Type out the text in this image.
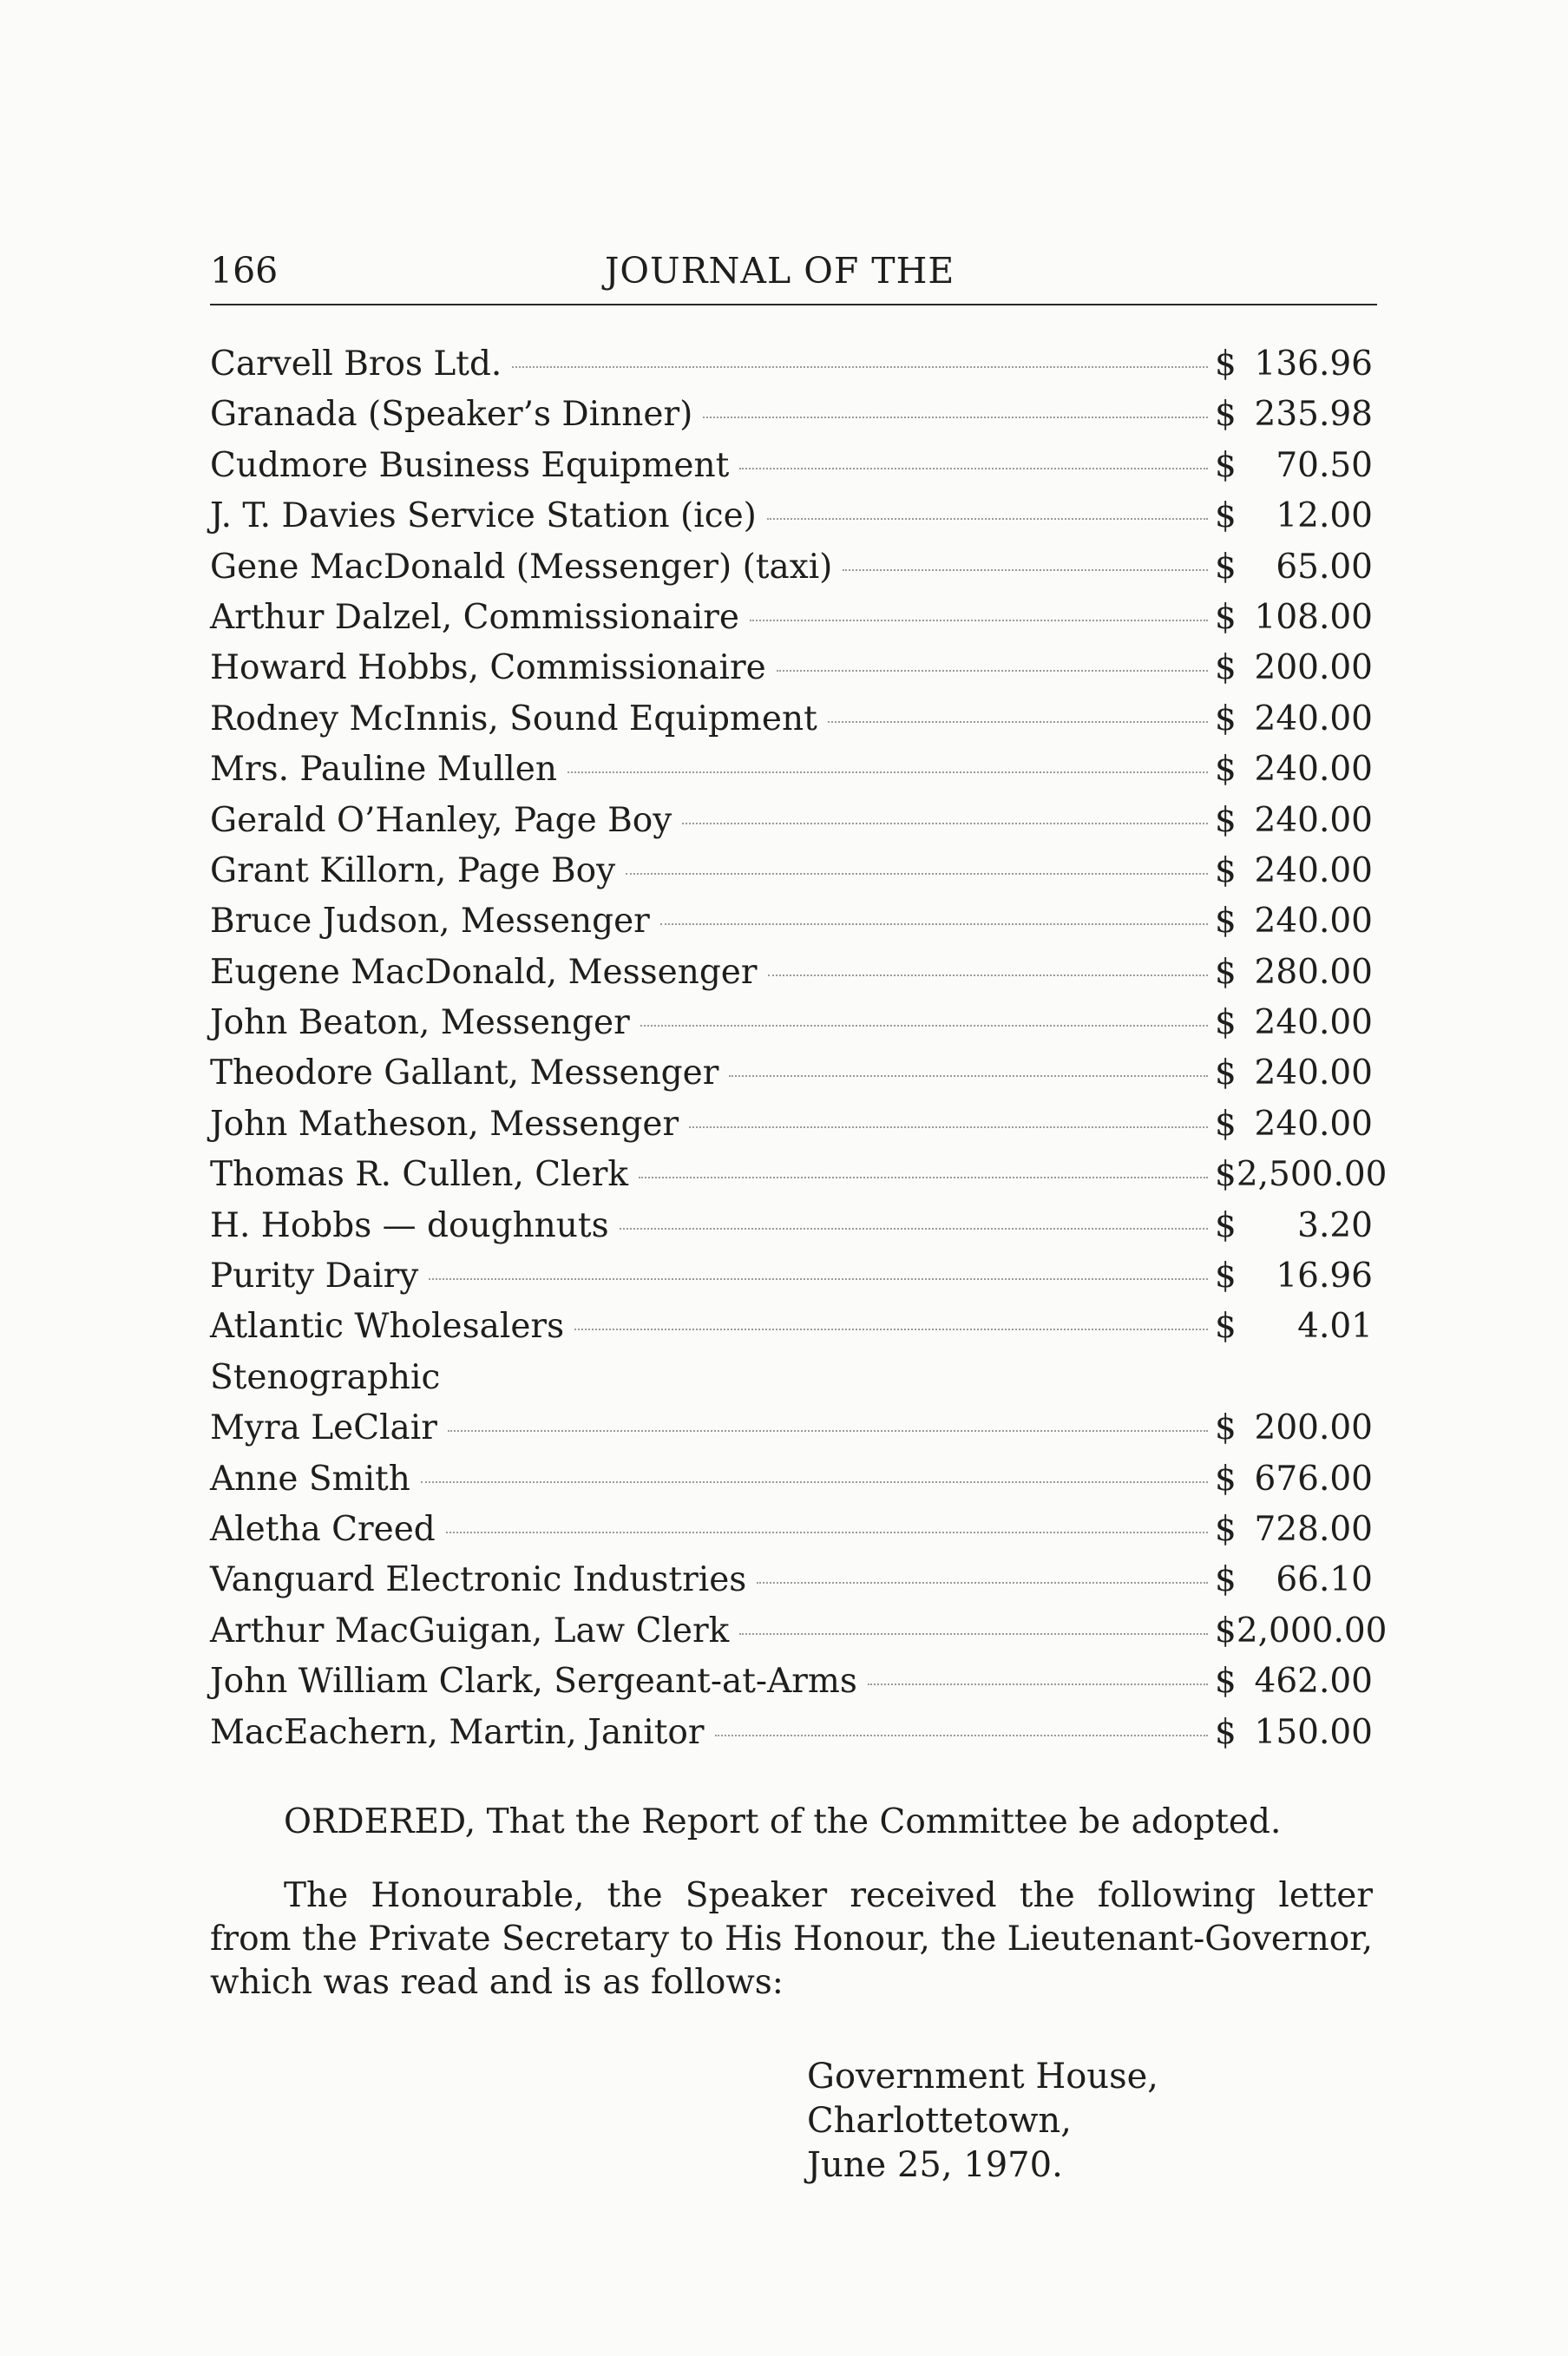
166	JOURNAL OF THE
Carvell Bros Ltd.	$ 136.96
Granada (Speaker’s Dinner)	$ 235.98
Cudmore Business Equipment	$ 70.50
J. T. Davies Service Station (ice)	$ 12.00
Gene MacDonald (Messenger) (taxi)	$ 65.00
Arthur Dalzel, Commissionaire	$ 108.00
Howard Hobbs, Commissionaire	$ 200.00
Rodney McInnis, Sound Equipment	$ 240.00
Mrs. Pauline Mullen	$ 240.00
Gerald O’Hanley, Page Boy	$ 240.00
Grant Killorn, Page Boy	$ 240.00
Bruce Judson, Messenger	$ 240.00
Eugene MacDonald, Messenger	$ 280.00
John Beaton, Messenger	$ 240.00
Theodore Gallant, Messenger	$ 240.00
John Matheson, Messenger	$ 240.00
Thomas R. Cullen, Clerk	$ 2,500.00
H. Hobbs — doughnuts	$ 3.20
Purity Dairy	$ 16.96
Atlantic Wholesalers	$ 4.01
Stenographic
Myra LeClair	$ 200.00
Anne Smith	$ 676.00
Aletha Creed	$ 728.00
Vanguard Electronic Industries	$ 66.10
Arthur MacGuigan, Law Clerk	$ 2,000.00
John William Clark, Sergeant-at-Arms	$ 462.00
MacEachern, Martin, Janitor	$ 150.00
ORDERED, That the Report of the Committee be adopted.
The Honourable, the Speaker received the following letter from the Private Secretary to His Honour, the Lieutenant-Governor, which was read and is as follows:
Government House,
Charlottetown,
June 25, 1970.
